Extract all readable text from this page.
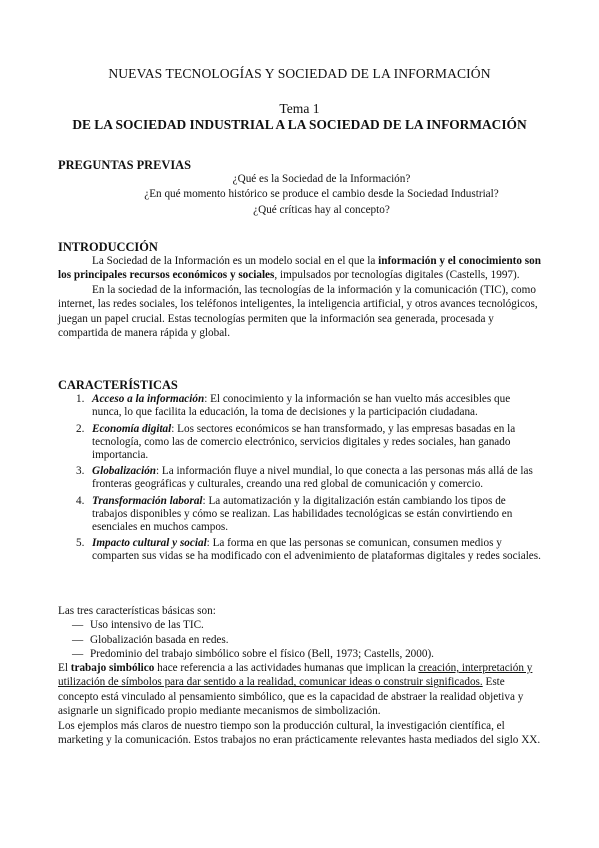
NUEVAS TECNOLOGÍAS Y SOCIEDAD DE LA INFORMACIÓN
Tema 1
DE LA SOCIEDAD INDUSTRIAL A LA SOCIEDAD DE LA INFORMACIÓN
PREGUNTAS PREVIAS
¿Qué es la Sociedad de la Información?
¿En qué momento histórico se produce el cambio desde la Sociedad Industrial?
¿Qué críticas hay al concepto?
INTRODUCCIÓN

La Sociedad de la Información es un modelo social en el que la información y el conocimiento son los principales recursos económicos y sociales, impulsados por tecnologías digitales (Castells, 1997).

En la sociedad de la información, las tecnologías de la información y la comunicación (TIC), como internet, las redes sociales, los teléfonos inteligentes, la inteligencia artificial, y otros avances tecnológicos, juegan un papel crucial. Estas tecnologías permiten que la información sea generada, procesada y compartida de manera rápida y global.

CARACTERÍSTICAS
1. Acceso a la información: El conocimiento y la información se han vuelto más accesibles que nunca, lo que facilita la educación, la toma de decisiones y la participación ciudadana.
2. Economía digital: Los sectores económicos se han transformado, y las empresas basadas en la tecnología, como las de comercio electrónico, servicios digitales y redes sociales, han ganado importancia.
3. Globalización: La información fluye a nivel mundial, lo que conecta a las personas más allá de las fronteras geográficas y culturales, creando una red global de comunicación y comercio.
4. Transformación laboral: La automatización y la digitalización están cambiando los tipos de trabajos disponibles y cómo se realizan. Las habilidades tecnológicas se están convirtiendo en esenciales en muchos campos.
5. Impacto cultural y social: La forma en que las personas se comunican, consumen medios y comparten sus vidas se ha modificado con el advenimiento de plataformas digitales y redes sociales.
Las tres características básicas son:
— Uso intensivo de las TIC.
— Globalización basada en redes.
— Predominio del trabajo simbólico sobre el físico (Bell, 1973; Castells, 2000).

El trabajo simbólico hace referencia a las actividades humanas que implican la creación, interpretación y utilización de símbolos para dar sentido a la realidad, comunicar ideas o construir significados. Este concepto está vinculado al pensamiento simbólico, que es la capacidad de abstraer la realidad objetiva y asignarle un significado propio mediante mecanismos de simbolización.

Los ejemplos más claros de nuestro tiempo son la producción cultural, la investigación científica, el marketing y la comunicación. Estos trabajos no eran prácticamente relevantes hasta mediados del siglo XX.
